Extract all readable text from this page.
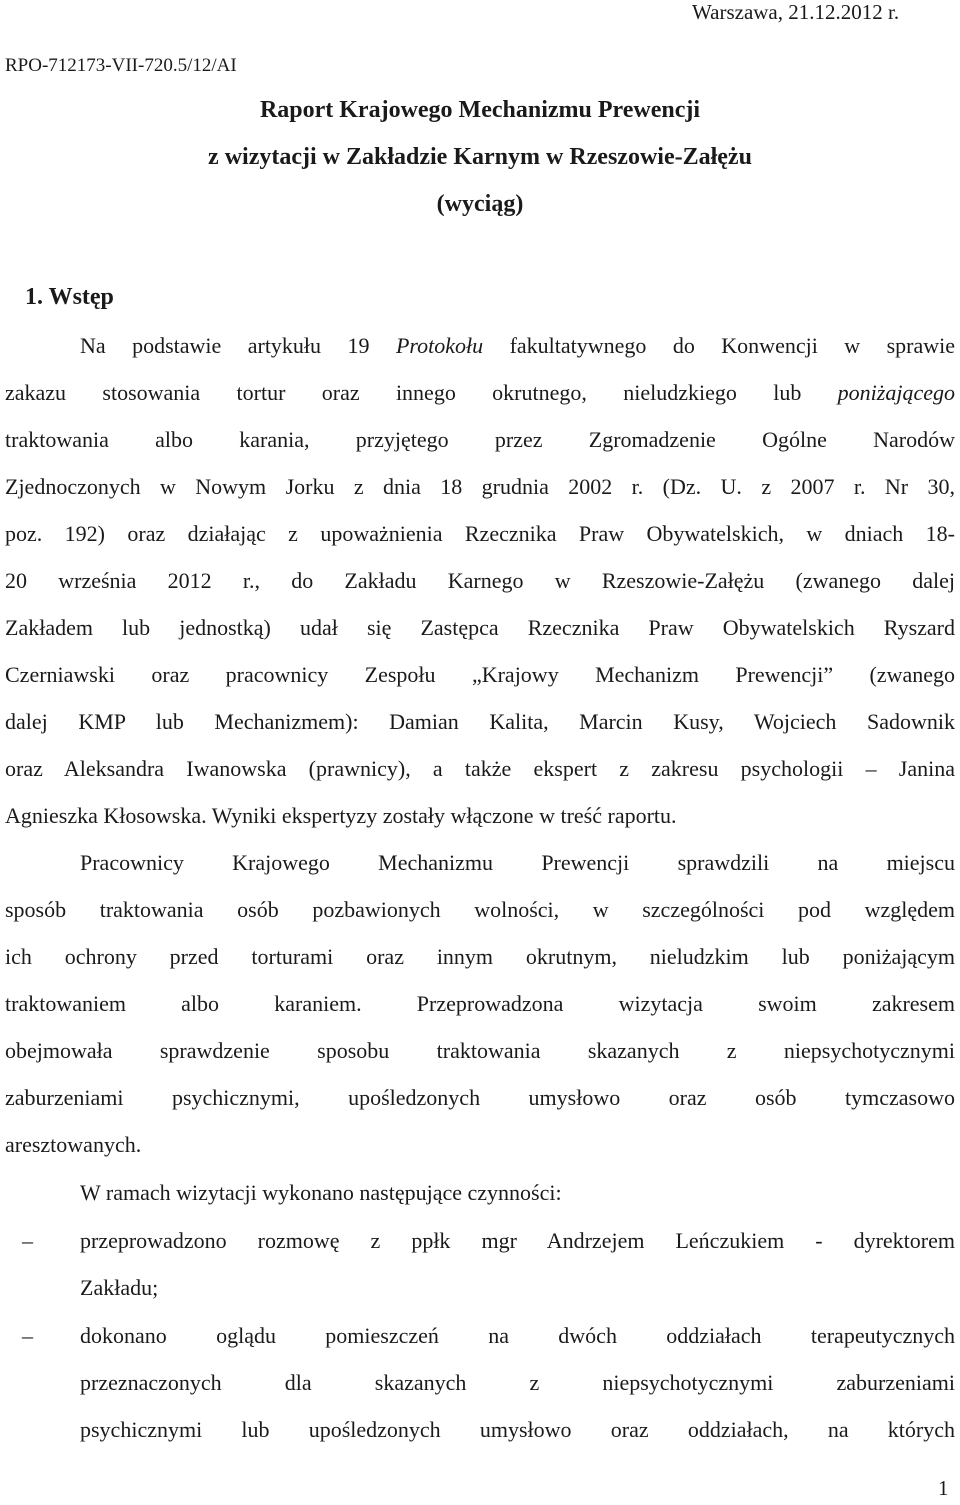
Warszawa, 21.12.2012 r.
RPO-712173-VII-720.5/12/AI
Raport Krajowego Mechanizmu Prewencji
z wizytacji w Zakładzie Karnym w Rzeszowie-Załężu
(wyciąg)
1. Wstęp
Na podstawie artykułu 19 Protokołu fakultatywnego do Konwencji w sprawie
zakazu stosowania tortur oraz innego okrutnego, nieludzkiego lub poniżającego
traktowania albo karania, przyjętego przez Zgromadzenie Ogólne Narodów
Zjednoczonych w Nowym Jorku z dnia 18 grudnia 2002 r. (Dz. U. z 2007 r. Nr 30,
poz. 192) oraz działając z upoważnienia Rzecznika Praw Obywatelskich, w dniach 18-
20 września 2012 r., do Zakładu Karnego w Rzeszowie-Załężu (zwanego dalej
Zakładem lub jednostką) udał się Zastępca Rzecznika Praw Obywatelskich Ryszard
Czerniawski oraz pracownicy Zespołu „Krajowy Mechanizm Prewencji” (zwanego
dalej KMP lub Mechanizmem): Damian Kalita, Marcin Kusy, Wojciech Sadownik
oraz Aleksandra Iwanowska (prawnicy), a także ekspert z zakresu psychologii – Janina
Agnieszka Kłosowska. Wyniki ekspertyzy zostały włączone w treść raportu.
Pracownicy Krajowego Mechanizmu Prewencji sprawdzili na miejscu
sposób traktowania osób pozbawionych wolności, w szczególności pod względem
ich ochrony przed torturami oraz innym okrutnym, nieludzkim lub poniżającym
traktowaniem albo karaniem. Przeprowadzona wizytacja swoim zakresem
obejmowała sprawdzenie sposobu traktowania skazanych z niepsychotycznymi
zaburzeniami psychicznymi, upośledzonych umysłowo oraz osób tymczasowo
aresztowanych.
W ramach wizytacji wykonano następujące czynności:
– przeprowadzono rozmowę z ppłk mgr Andrzejem Leńczukiem - dyrektorem
Zakładu;
– dokonano oglądu pomieszczeń na dwóch oddziałach terapeutycznych
przeznaczonych dla skazanych z niepsychotycznymi zaburzeniami
psychicznymi lub upośledzonych umysłowo oraz oddziałach, na których
1
